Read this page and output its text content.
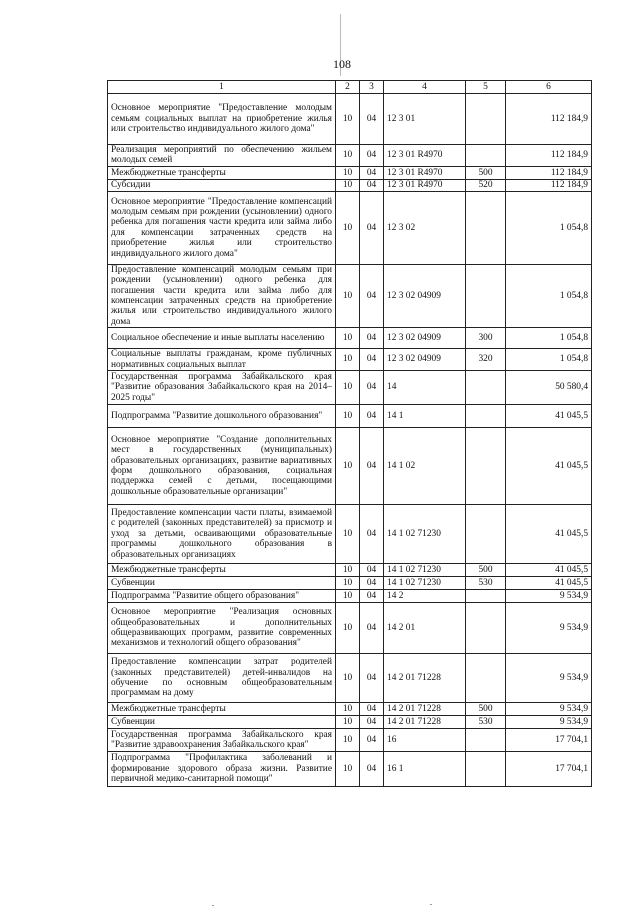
108
1	2	3	4	5	6
Основное мероприятие "Предоставление молодым семьям социальных выплат на приобретение жилья или строительство индивидуального жилого дома"	10	04	12 3 01		112 184,9
Реализация мероприятий по обеспечению жильем молодых семей	10	04	12 3 01 R4970		112 184,9
Межбюджетные трансферты	10	04	12 3 01 R4970	500	112 184,9
Субсидии	10	04	12 3 01 R4970	520	112 184,9
Основное мероприятие "Предоставление компенсаций молодым семьям при рождении (усыновлении) одного ребенка для погашения части кредита или займа либо для компенсации затраченных средств на приобретение жилья или строительство индивидуального жилого дома"	10	04	12 3 02		1 054,8
Предоставление компенсаций молодым семьям при рождении (усыновлении) одного ребенка для погашения части кредита или займа либо для компенсации затраченных средств на приобретение жилья или строительство индивидуального жилого дома	10	04	12 3 02 04909		1 054,8
Социальное обеспечение и иные выплаты населению	10	04	12 3 02 04909	300	1 054,8
Социальные выплаты гражданам, кроме публичных нормативных социальных выплат	10	04	12 3 02 04909	320	1 054,8
Государственная программа Забайкальского края "Развитие образования Забайкальского края на 2014–2025 годы"	10	04	14		50 580,4
Подпрограмма "Развитие дошкольного образования"	10	04	14 1		41 045,5
Основное мероприятие "Создание дополнительных мест в государственных (муниципальных) образовательных организациях, развитие вариативных форм дошкольного образования, социальная поддержка семей с детьми, посещающими дошкольные образовательные организации"	10	04	14 1 02		41 045,5
Предоставление компенсации части платы, взимаемой с родителей (законных представителей) за присмотр и уход за детьми, осваивающими образовательные программы дошкольного образования в образовательных организациях	10	04	14 1 02 71230		41 045,5
Межбюджетные трансферты	10	04	14 1 02 71230	500	41 045,5
Субвенции	10	04	14 1 02 71230	530	41 045,5
Подпрограмма "Развитие общего образования"	10	04	14 2		9 534,9
Основное мероприятие "Реализация основных общеобразовательных и дополнительных общеразвивающих программ, развитие современных механизмов и технологий общего образования"	10	04	14 2 01		9 534,9
Предоставление компенсации затрат родителей (законных представителей) детей-инвалидов на обучение по основным общеобразовательным программам на дому	10	04	14 2 01 71228		9 534,9
Межбюджетные трансферты	10	04	14 2 01 71228	500	9 534,9
Субвенции	10	04	14 2 01 71228	530	9 534,9
Государственная программа Забайкальского края "Развитие здравоохранения Забайкальского края"	10	04	16		17 704,1
Подпрограмма "Профилактика заболеваний и формирование здорового образа жизни. Развитие первичной медико-санитарной помощи"	10	04	16 1		17 704,1
